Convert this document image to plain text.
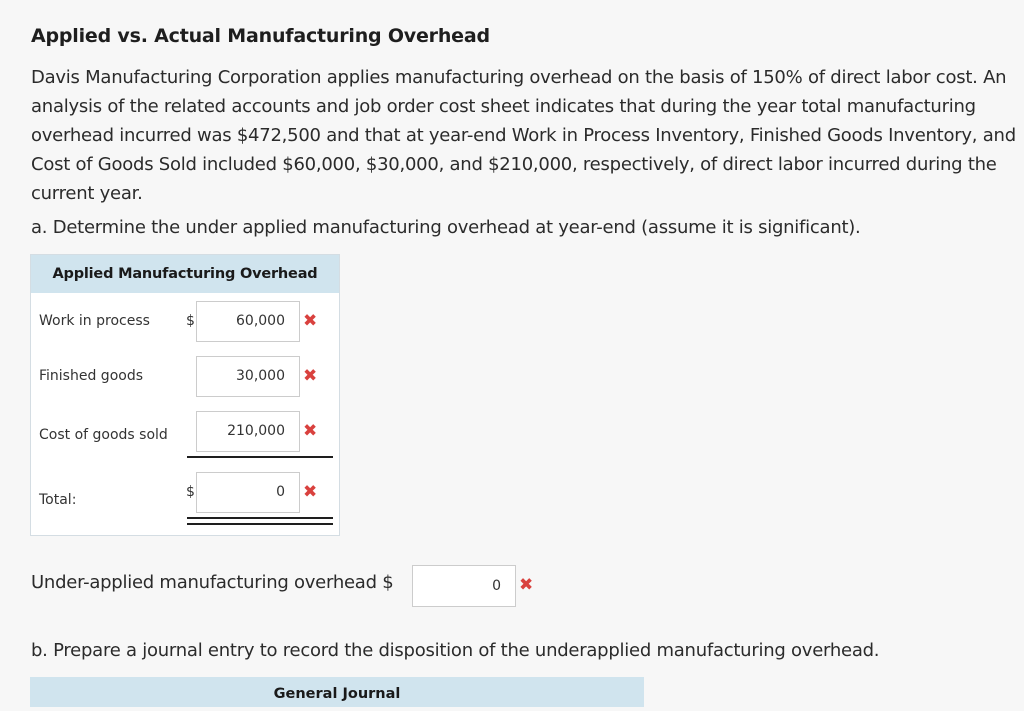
Applied vs. Actual Manufacturing Overhead

Davis Manufacturing Corporation applies manufacturing overhead on the basis of 150% of direct labor cost. An analysis of the related accounts and job order cost sheet indicates that during the year total manufacturing overhead incurred was $472,500 and that at year-end Work in Process Inventory, Finished Goods Inventory, and Cost of Goods Sold included $60,000, $30,000, and $210,000, respectively, of direct labor incurred during the current year.

a. Determine the under applied manufacturing overhead at year-end (assume it is significant).

Applied Manufacturing Overhead
Work in process	$	60,000	✖
Finished goods	30,000	✖
Cost of goods sold	210,000	✖
Total:	$	0	✖
Under-applied manufacturing overhead $	0	✖

b. Prepare a journal entry to record the disposition of the underapplied manufacturing overhead.

General Journal
